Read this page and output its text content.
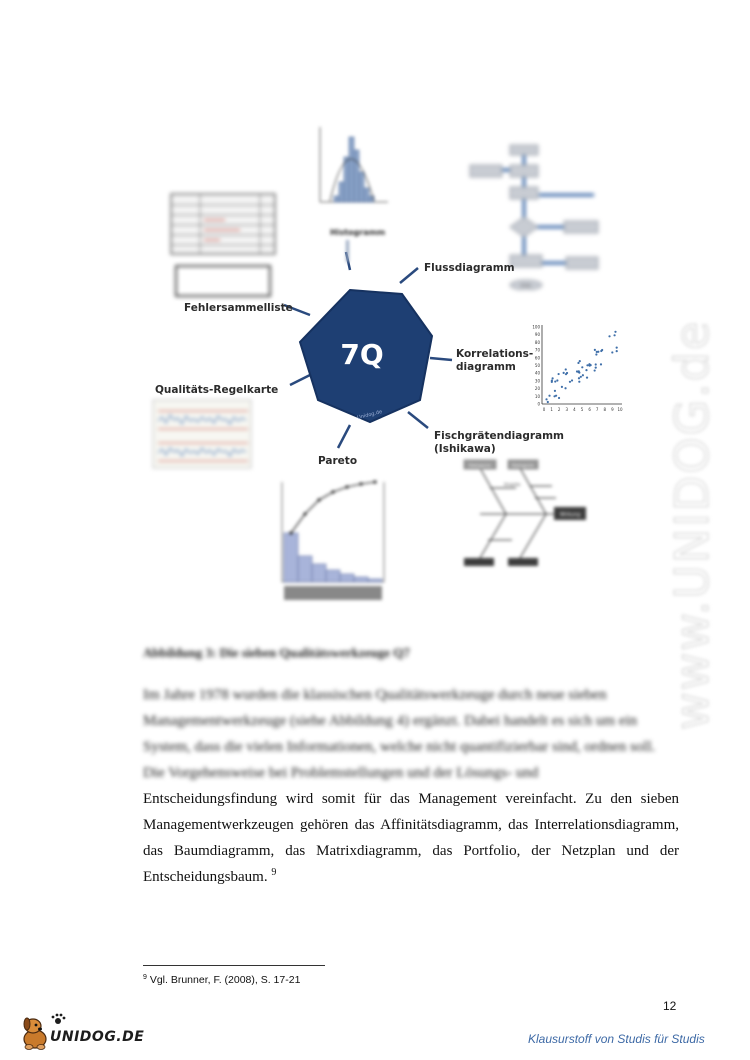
7Q
Unidog.de
Histogramm
Ende
Flussdiagramm
Fehlersammelliste
100
90
80
70
60
50
40
30
20
10
0
0 1 2 3 4 5 6 7 8 9 10
Korrelations-
diagramm
Qualitäts-Regelkarte
Fischgrätendiagramm
(Ishikawa)
Kategorie	Kategorie
Ursache
Wirkung
Pareto	www.UNIDOG.de
Abbildung 3: Die sieben Qualitätswerkzeuge Q7
Im Jahre 1978 wurden die klassischen Qualitätswerkzeuge durch neue sieben
Managementwerkzeuge (siehe Abbildung 4) ergänzt. Dabei handelt es sich um ein
System, dass die vielen Informationen, welche nicht quantifizierbar sind, ordnen soll.
Die Vorgehensweise bei Problemstellungen und der Lösungs- und
Entscheidungsfindung wird somit für das Management vereinfacht. Zu den sieben
Managementwerkzeugen gehören das Affinitätsdiagramm, das Interrelationsdiagramm,
das Baumdiagramm, das Matrixdiagramm, das Portfolio, der Netzplan und der
Entscheidungsbaum. $^9$
$^9$ Vgl. Brunner, F. (2008), S. 17-21
12
UNIDOG.DE	Klausurstoff von Studis für Studis
